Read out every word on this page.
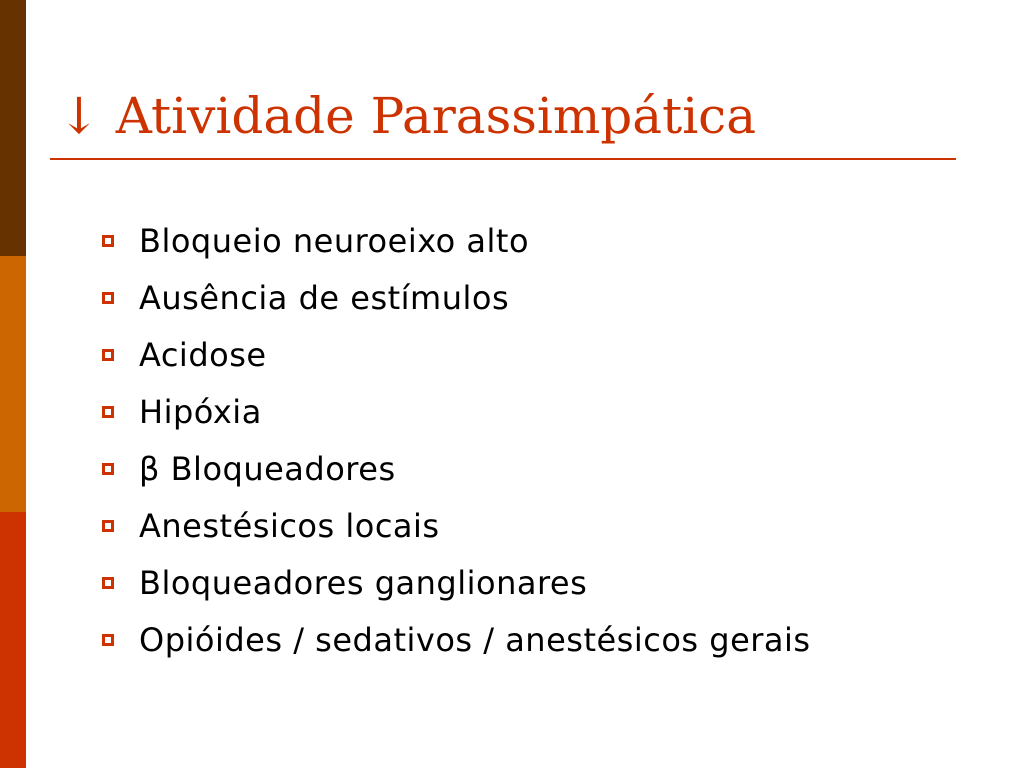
↓ Atividade Parassimpática
Bloqueio neuroeixo alto
Ausência de estímulos
Acidose
Hipóxia
β Bloqueadores
Anestésicos locais
Bloqueadores ganglionares
Opióides / sedativos / anestésicos gerais
